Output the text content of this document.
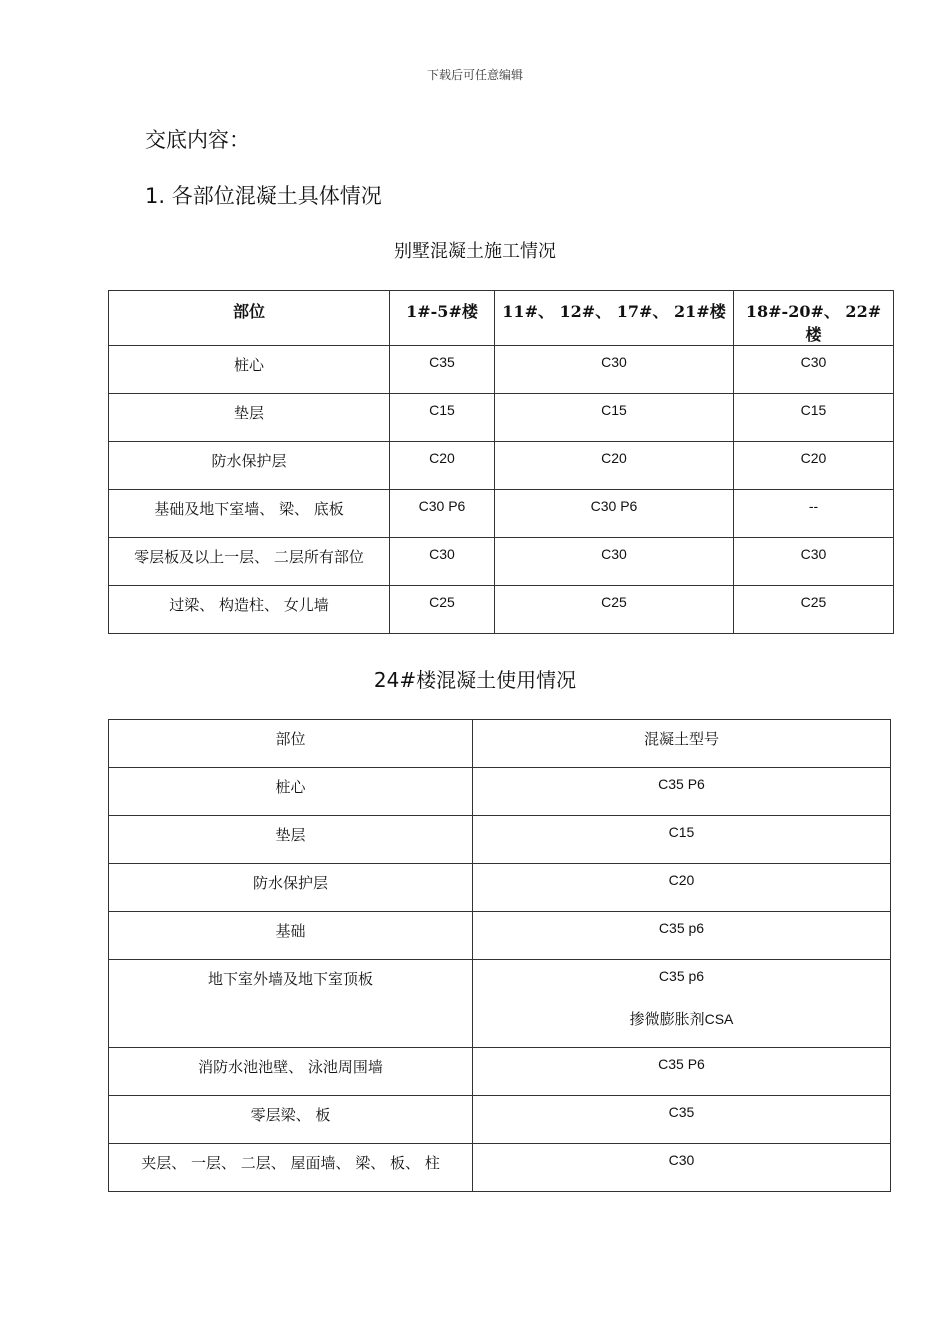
下载后可任意编辑
交底内容：
1. 各部位混凝土具体情况
别墅混凝土施工情况
部位	1#-5#楼	11#、 12#、 17#、 21#楼	18#-20#、 22#楼
桩心	C35	C30	C30
垫层	C15	C15	C15
防水保护层	C20	C20	C20
基础及地下室墙、 梁、 底板	C30 P6	C30 P6	--
零层板及以上一层、 二层所有部位	C30	C30	C30
过梁、 构造柱、 女儿墙	C25	C25	C25
24#楼混凝土使用情况
部位	混凝土型号
桩心	C35 P6
垫层	C15
防水保护层	C20
基础	C35 p6
地下室外墙及地下室顶板	C35 p6
掺微膨胀剂CSA

消防水池池壁、 泳池周围墙	C35 P6
零层梁、 板	C35
夹层、 一层、 二层、 屋面墙、 梁、 板、 柱	C30
